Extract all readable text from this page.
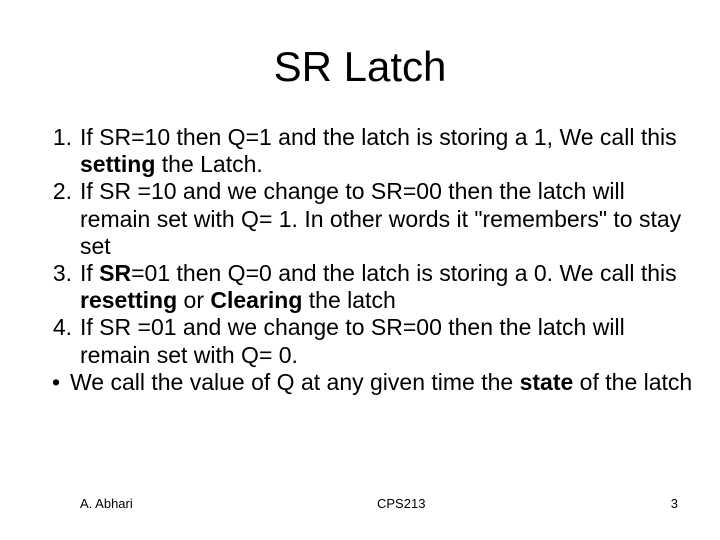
SR Latch
1. If SR=10 then Q=1 and the latch is storing a 1, We call this setting the Latch.
2. If SR =10 and we change to SR=00 then the latch will remain set with Q= 1. In other words it "remembers" to stay set
3. If SR=01 then Q=0 and the latch is storing a 0. We call this resetting or Clearing the latch
4. If SR =01 and we change to SR=00 then the latch will remain set with Q= 0.
• We call the value of Q at any given time the state of the latch
A. Abhari	CPS213	3
